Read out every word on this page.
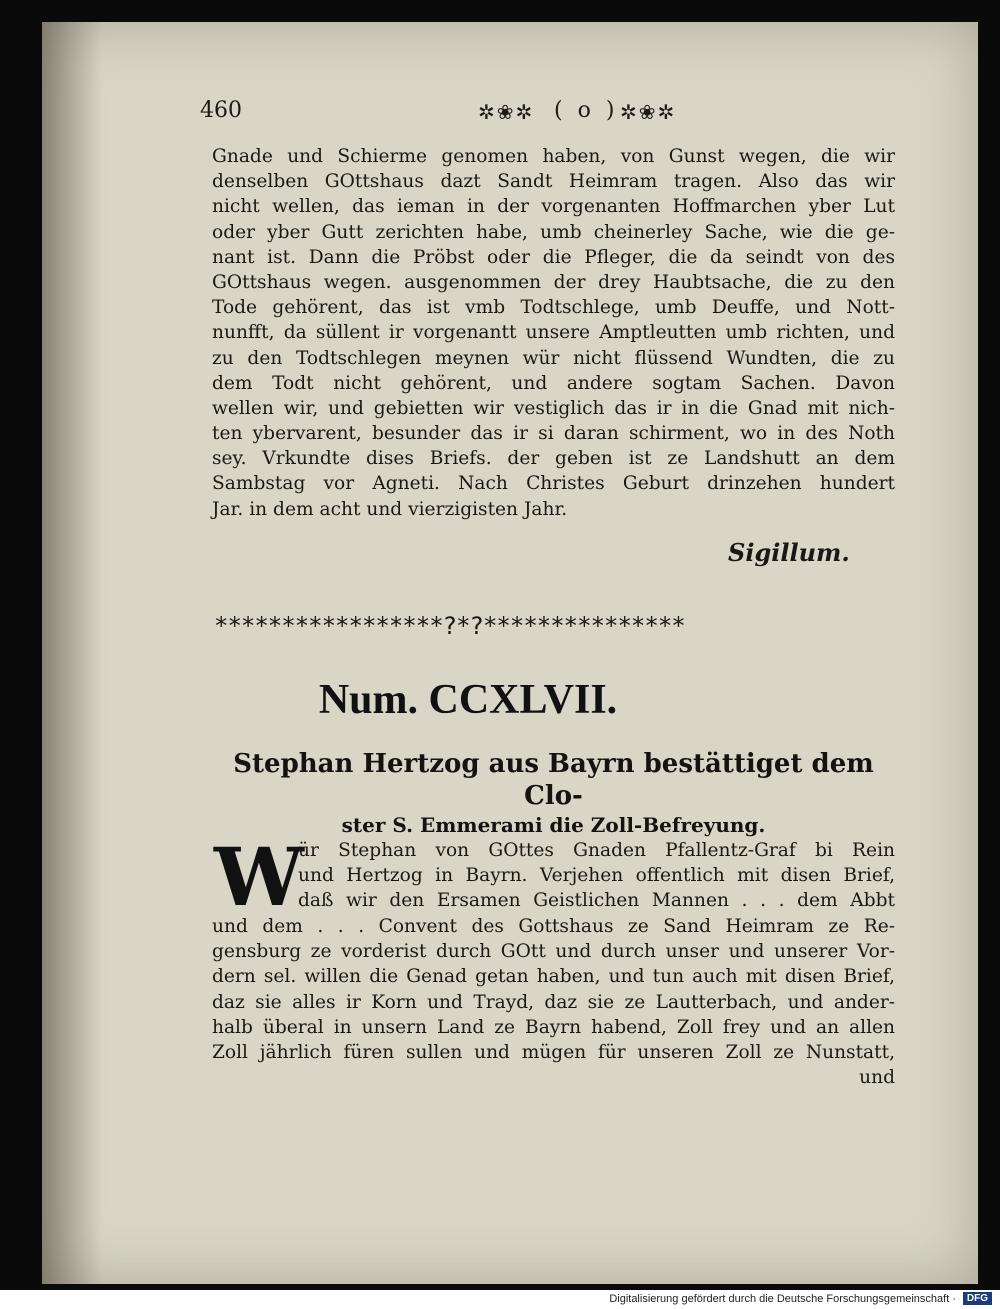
460	✲❀✲ ( o ) ✲❀✲
Gnade und Schierme genomen haben, von Gunst wegen, die wir
denselben GOttshaus dazt Sandt Heimram tragen. Also das wir
nicht wellen, das ieman in der vorgenanten Hoffmarchen yber Lut
oder yber Gutt zerichten habe, umb cheinerley Sache, wie die ge-
nant ist. Dann die Pröbst oder die Pfleger, die da seindt von des
GOttshaus wegen. ausgenommen der drey Haubtsache, die zu den
Tode gehörent, das ist vmb Todtschlege, umb Deuffe, und Nott-
nunfft, da süllent ir vorgenantt unsere Amptleutten umb richten, und
zu den Todtschlegen meynen wür nicht flüssend Wundten, die zu
dem Todt nicht gehörent, und andere sogtam Sachen. Davon
wellen wir, und gebietten wir vestiglich das ir in die Gnad mit nich-
ten ybervarent, besunder das ir si daran schirment, wo in des Noth
sey. Vrkundte dises Briefs. der geben ist ze Landshutt an dem
Sambstag vor Agneti. Nach Christes Geburt drinzehen hundert
Jar. in dem acht und vierzigisten Jahr.
Sigillum.
*****************?*?***************
Num. CCXLVII.
Stephan Hertzog aus Bayrn bestättiget dem Clo-
ster S. Emmerami die Zoll-Befreyung.
W
ür Stephan von GOttes Gnaden Pfallentz-Graf bi Rein
und Hertzog in Bayrn. Verjehen offentlich mit disen Brief,
daß wir den Ersamen Geistlichen Mannen . . . dem Abbt
und dem . . . Convent des Gottshaus ze Sand Heimram ze Re-
gensburg ze vorderist durch GOtt und durch unser und unserer Vor-
dern sel. willen die Genad getan haben, und tun auch mit disen Brief,
daz sie alles ir Korn und Trayd, daz sie ze Lautterbach, und ander-
halb überal in unsern Land ze Bayrn habend, Zoll frey und an allen
Zoll jährlich füren sullen und mügen für unseren Zoll ze Nunstatt,
und
Digitalisierung gefördert durch die Deutsche Forschungsgemeinschaft ·	DFG
